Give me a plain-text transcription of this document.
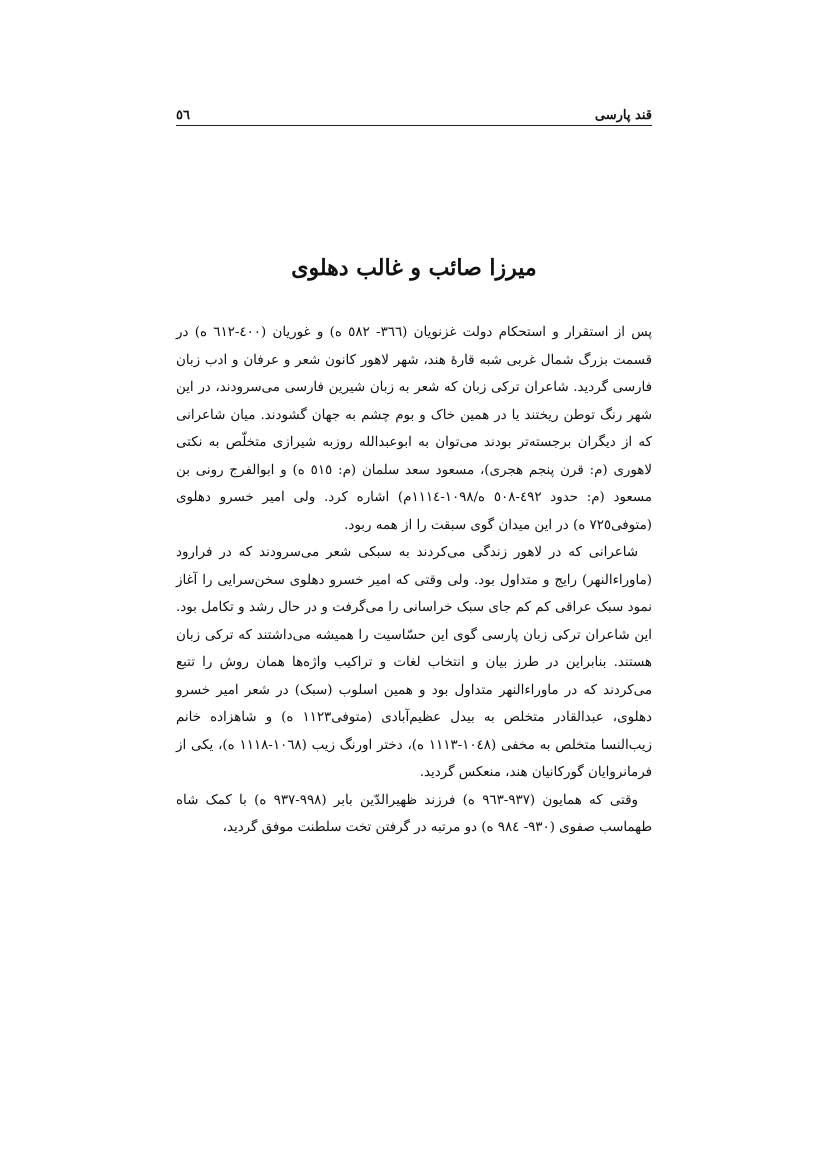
قند پارسی
٥٦
میرزا صائب و غالب دهلوی

پس از استقرار و استحکام دولت غزنویان (٣٦٦- ٥٨٢ ه) و غوریان (٤٠٠-٦١٢ ه) در قسمت بزرگ شمال غربی شبه قارۀ هند، شهر لاهور کانون شعر و عرفان و ادب زبان فارسی گردید. شاعران ترکی زبان که شعر به زبان شیرین فارسی می‌سرودند، در این شهر رنگ توطن ریختند یا در همین خاک و بوم چشم به جهان گشودند. میان شاعرانی که از دیگران برجسته‌تر بودند می‌توان به ابوعبدالله روزبه شیرازی متخلّص به نکتی لاهوری (م: قرن پنجم هجری)، مسعود سعد سلمان (م: ٥١٥ ه) و ابوالفرج رونی بن مسعود (م: حدود ٤٩٢-٥٠٨ ه/١٠٩٨-١١١٤م) اشاره کرد. ولی امیر خسرو دهلوی (متوفی٧٢٥ ه) در این میدان گوی سبقت را از همه ربود.

شاعرانی که در لاهور زندگی می‌کردند به سبکی شعر می‌سرودند که در فرارود (ماوراءالنهر) رایج و متداول بود. ولی وقتی که امیر خسرو دهلوی سخن‌سرایی را آغاز نمود سبک عراقی کم کم جای سبک خراسانی را می‌گرفت و در حال رشد و تکامل بود. این شاعران ترکی زبان پارسی گوی این حسّاسیت را همیشه می‌داشتند که ترکی زبان هستند. بنابراین در طرز بیان و انتخاب لغات و تراکیب واژه‌ها همان روش را تتبع می‌کردند که در ماوراءالنهر متداول بود و همین اسلوب (سبک) در شعر امیر خسرو دهلوی، عبدالقادر متخلص به بیدل عظیم‌آبادی (متوفی١١٢٣ ه) و شاهزاده خانم زیب‌النسا متخلص به مخفی (١٠٤٨-١١١٣ ه)، دختر اورنگ زیب (١٠٦٨-١١١٨ ه)، یکی از فرمانروایان گورکانیان هند، منعکس گردید.

وقتی که همایون (٩٣٧-٩٦٣ ه) فرزند ظهیرالدّین بابر (٩٩٨-٩٣٧ ه) با کمک شاه طهماسب صفوی (٩٣٠- ٩٨٤ ه) دو مرتبه در گرفتن تخت سلطنت موفق گردید،
